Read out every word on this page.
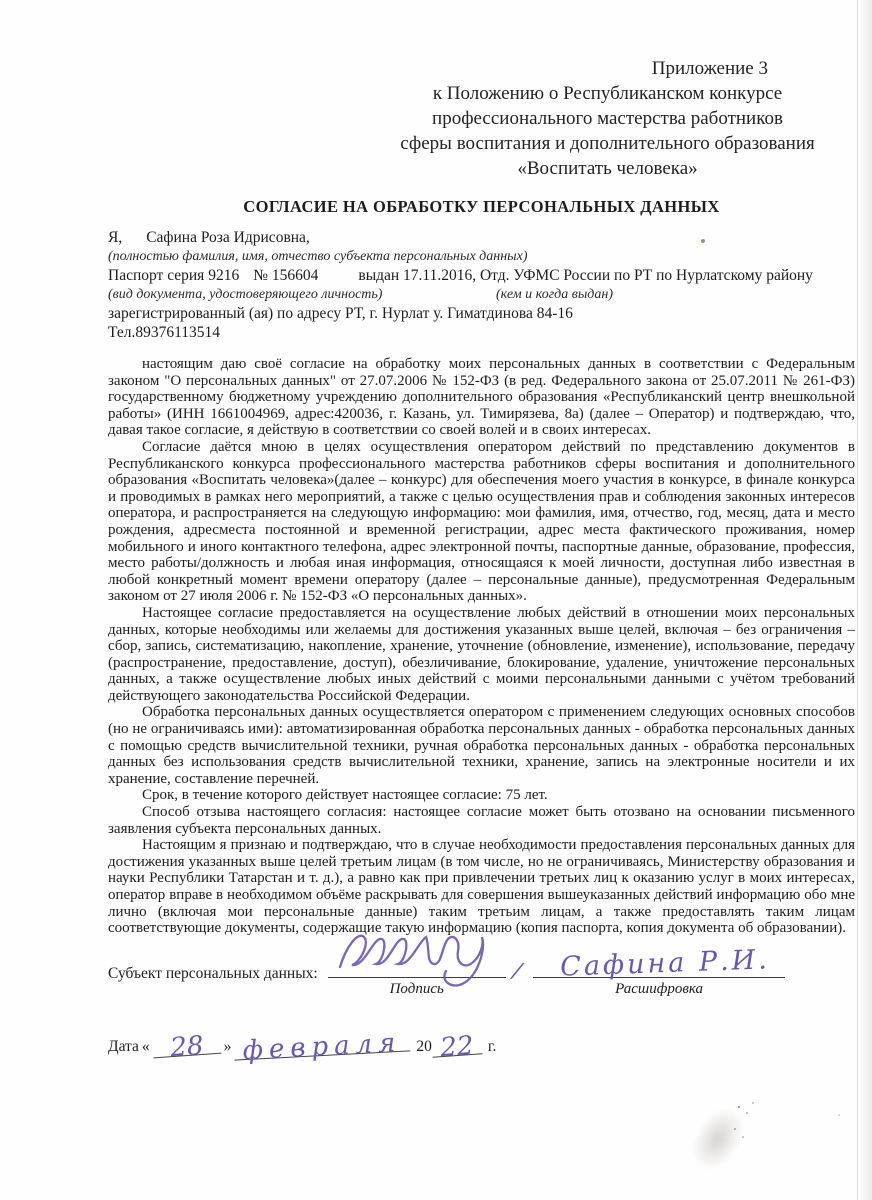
Приложение 3
к Положению о Республиканском конкурсе
профессионального мастерства работников
сферы воспитания и дополнительного образования
«Воспитать человека»
СОГЛАСИЕ НА ОБРАБОТКУ ПЕРСОНАЛЬНЫХ ДАННЫХ
Я, Сафина Роза Идрисовна,
(полностью фамилия, имя, отчество субъекта персональных данных)
Паспорт серия 9216 № 156604	выдан 17.11.2016, Отд. УФМС России по РТ по Нурлатскому району
(вид документа, удостоверяющего личность)	(кем и когда выдан)
зарегистрированный (ая) по адресу РТ, г. Нурлат у. Гиматдинова 84-16
Тел.89376113514

настоящим даю своё согласие на обработку моих персональных данных в соответствии с Федеральным законом "О персональных данных" от 27.07.2006 № 152-ФЗ (в ред. Федерального закона от 25.07.2011 № 261-ФЗ) государственному бюджетному учреждению дополнительного образования «Республиканский центр внешкольной работы» (ИНН 1661004969, адрес:420036, г. Казань, ул. Тимирязева, 8а) (далее – Оператор) и подтверждаю, что, давая такое согласие, я действую в соответствии со своей волей и в своих интересах.

Согласие даётся мною в целях осуществления оператором действий по представлению документов в Республиканского конкурса профессионального мастерства работников сферы воспитания и дополнительного образования «Воспитать человека»(далее – конкурс) для обеспечения моего участия в конкурсе, в финале конкурса и проводимых в рамках него мероприятий, а также с целью осуществления прав и соблюдения законных интересов оператора, и распространяется на следующую информацию: мои фамилия, имя, отчество, год, месяц, дата и место рождения, адресместа постоянной и временной регистрации, адрес места фактического проживания, номер мобильного и иного контактного телефона, адрес электронной почты, паспортные данные, образование, профессия, место работы/должность и любая иная информация, относящаяся к моей личности, доступная либо известная в любой конкретный момент времени оператору (далее – персональные данные), предусмотренная Федеральным законом от 27 июля 2006 г. № 152-ФЗ «О персональных данных».

Настоящее согласие предоставляется на осуществление любых действий в отношении моих персональных данных, которые необходимы или желаемы для достижения указанных выше целей, включая – без ограничения – сбор, запись, систематизацию, накопление, хранение, уточнение (обновление, изменение), использование, передачу (распространение, предоставление, доступ), обезличивание, блокирование, удаление, уничтожение персональных данных, а также осуществление любых иных действий с моими персональными данными с учётом требований действующего законодательства Российской Федерации.

Обработка персональных данных осуществляется оператором с применением следующих основных способов (но не ограничиваясь ими): автоматизированная обработка персональных данных - обработка персональных данных с помощью средств вычислительной техники, ручная обработка персональных данных - обработка персональных данных без использования средств вычислительной техники, хранение, запись на электронные носители и их хранение, составление перечней.

Срок, в течение которого действует настоящее согласие: 75 лет.

Способ отзыва настоящего согласия: настоящее согласие может быть отозвано на основании письменного заявления субъекта персональных данных.

Настоящим я признаю и подтверждаю, что в случае необходимости предоставления персональных данных для достижения указанных выше целей третьим лицам (в том числе, но не ограничиваясь, Министерству образования и науки Республики Татарстан и т. д.), а равно как при привлечении третьих лиц к оказанию услуг в моих интересах, оператор вправе в необходимом объёме раскрывать для совершения вышеуказанных действий информацию обо мне лично (включая мои персональные данные) таким третьим лицам, а также предоставлять таким лицам соответствующие документы, содержащие такую информацию (копия паспорта, копия документа об образовании).

Субъект персональных данных:
Подпись
/	Сафина Р.И.
Расшифровка
Дата « 28	» февраля 20 22 г.
